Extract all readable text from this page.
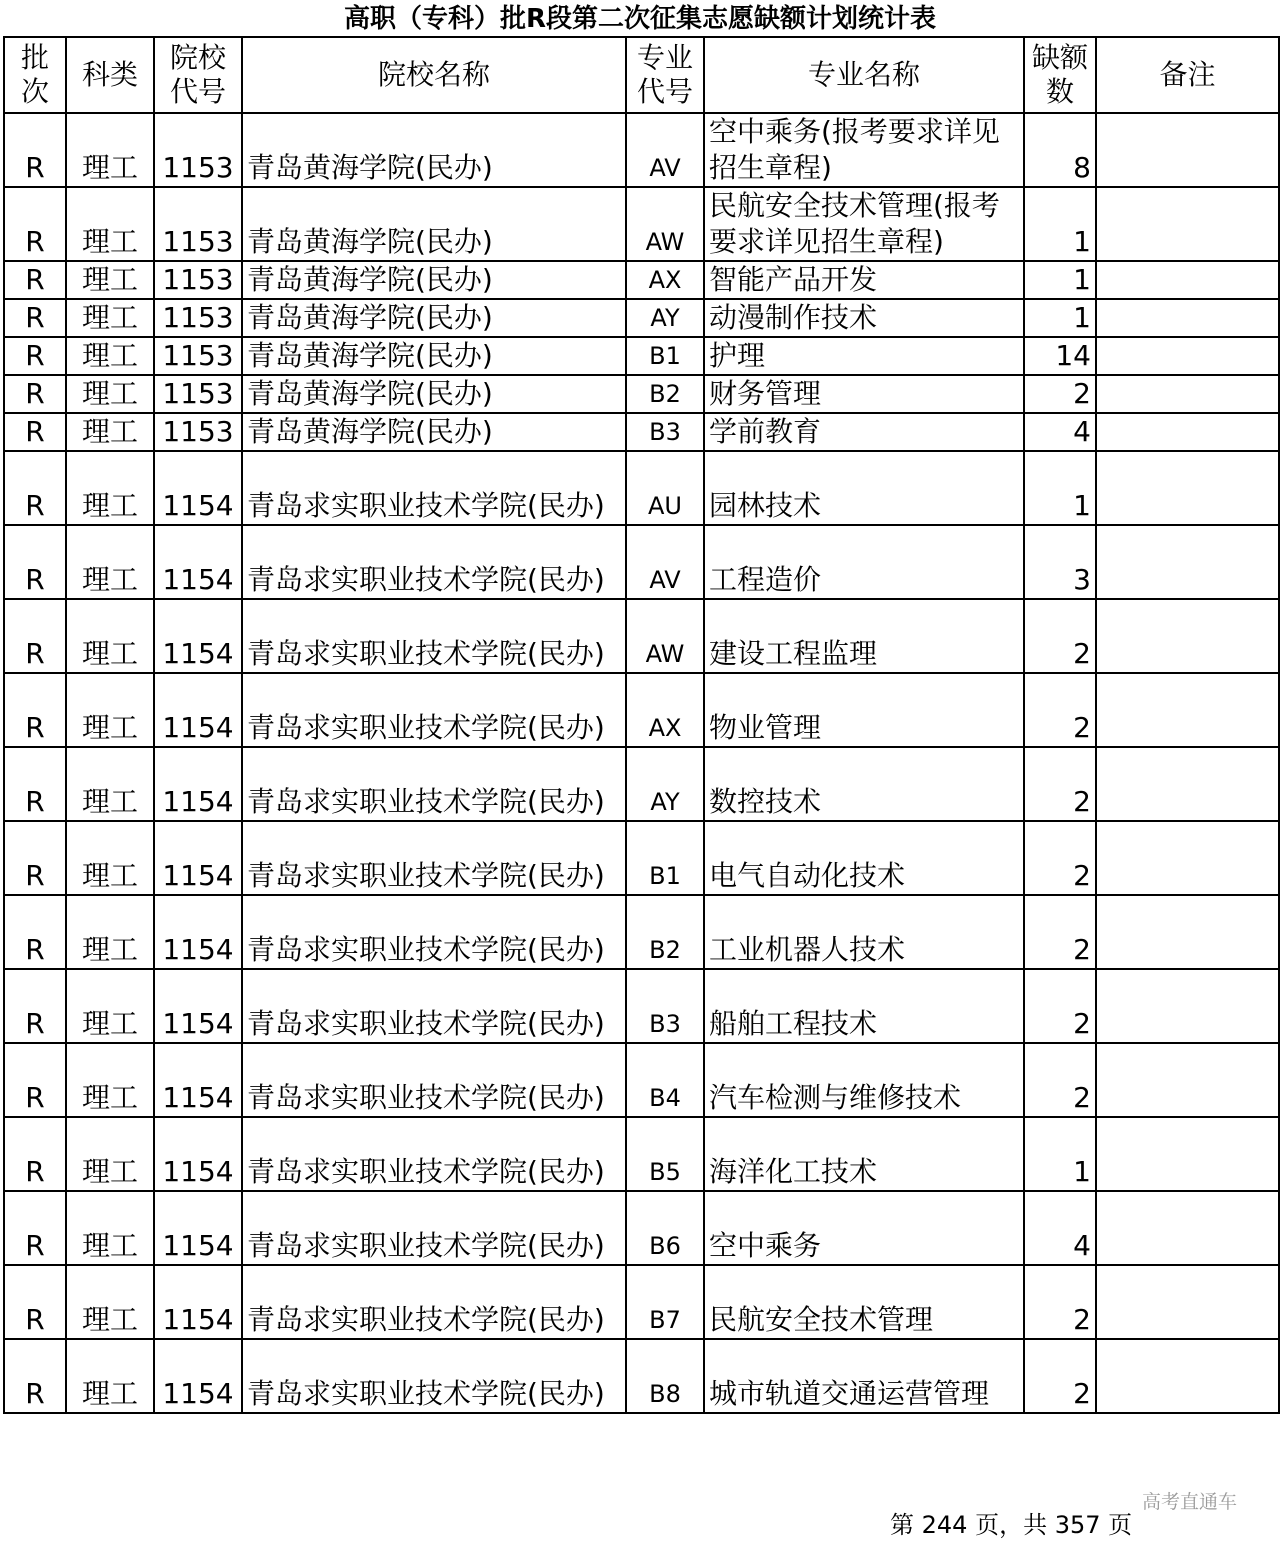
高职（专科）批R段第二次征集志愿缺额计划统计表
批次	科类	院校代号	院校名称	专业代号	专业名称	缺额数	备注
R	理工	1153	青岛黄海学院(民办)	AV	空中乘务(报考要求详见招生章程)	8	
R	理工	1153	青岛黄海学院(民办)	AW	民航安全技术管理(报考要求详见招生章程)	1	
R	理工	1153	青岛黄海学院(民办)	AX	智能产品开发	1	
R	理工	1153	青岛黄海学院(民办)	AY	动漫制作技术	1	
R	理工	1153	青岛黄海学院(民办)	B1	护理	14	
R	理工	1153	青岛黄海学院(民办)	B2	财务管理	2	
R	理工	1153	青岛黄海学院(民办)	B3	学前教育	4	
R	理工	1154	青岛求实职业技术学院(民办)	AU	园林技术	1	
R	理工	1154	青岛求实职业技术学院(民办)	AV	工程造价	3	
R	理工	1154	青岛求实职业技术学院(民办)	AW	建设工程监理	2	
R	理工	1154	青岛求实职业技术学院(民办)	AX	物业管理	2	
R	理工	1154	青岛求实职业技术学院(民办)	AY	数控技术	2	
R	理工	1154	青岛求实职业技术学院(民办)	B1	电气自动化技术	2	
R	理工	1154	青岛求实职业技术学院(民办)	B2	工业机器人技术	2	
R	理工	1154	青岛求实职业技术学院(民办)	B3	船舶工程技术	2	
R	理工	1154	青岛求实职业技术学院(民办)	B4	汽车检测与维修技术	2	
R	理工	1154	青岛求实职业技术学院(民办)	B5	海洋化工技术	1	
R	理工	1154	青岛求实职业技术学院(民办)	B6	空中乘务	4	
R	理工	1154	青岛求实职业技术学院(民办)	B7	民航安全技术管理	2	
R	理工	1154	青岛求实职业技术学院(民办)	B8	城市轨道交通运营管理	2	
第 244 页，共 357 页
高考直通车
